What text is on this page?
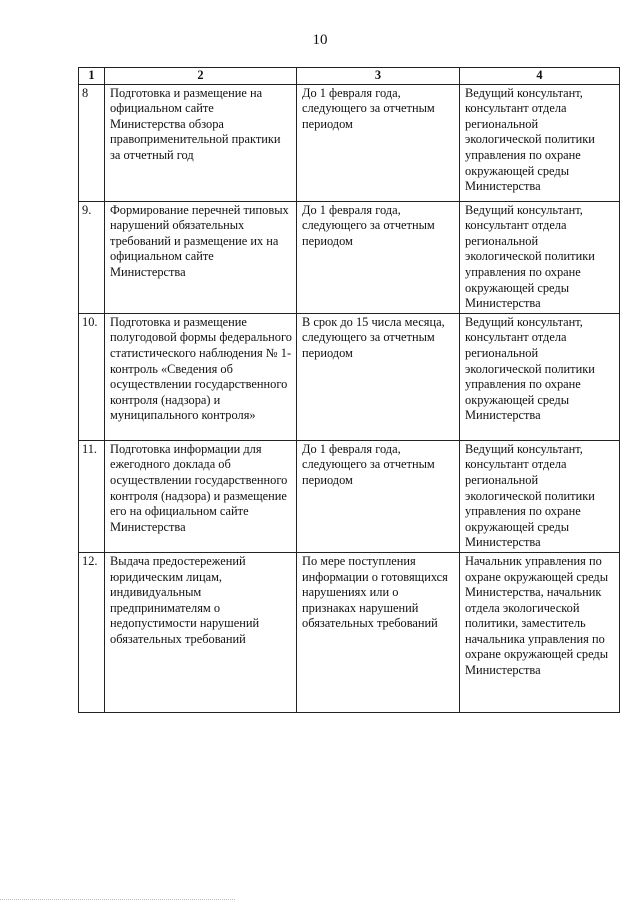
10
1	2	3	4
8	Подготовка и размещение на официальном сайте Министерства обзора правоприменительной практики за отчетный год	До 1 февраля года, следующего за отчетным периодом	Ведущий консультант, консультант отдела региональной экологической политики управления по охране окружающей среды Министерства
9.	Формирование перечней типовых нарушений обязательных требований и размещение их на официальном сайте Министерства	До 1 февраля года, следующего за отчетным периодом	Ведущий консультант, консультант отдела региональной экологической политики управления по охране окружающей среды Министерства
10.	Подготовка и размещение полугодовой формы федерального статистического наблюдения № 1-контроль «Сведения об осуществлении государственного контроля (надзора) и муниципального контроля»	В срок до 15 числа месяца, следующего за отчетным периодом	Ведущий консультант, консультант отдела региональной экологической политики управления по охране окружающей среды Министерства
11.	Подготовка информации для ежегодного доклада об осуществлении государственного контроля (надзора) и размещение его на официальном сайте Министерства	До 1 февраля года, следующего за отчетным периодом	Ведущий консультант, консультант отдела региональной экологической политики управления по охране окружающей среды Министерства
12.	Выдача предостережений юридическим лицам, индивидуальным предпринимателям о недопустимости нарушений обязательных требований	По мере поступления информации о готовящихся нарушениях или о признаках нарушений обязательных требований	Начальник управления по охране окружающей среды Министерства, начальник отдела экологической политики, заместитель начальника управления по охране окружающей среды Министерства
